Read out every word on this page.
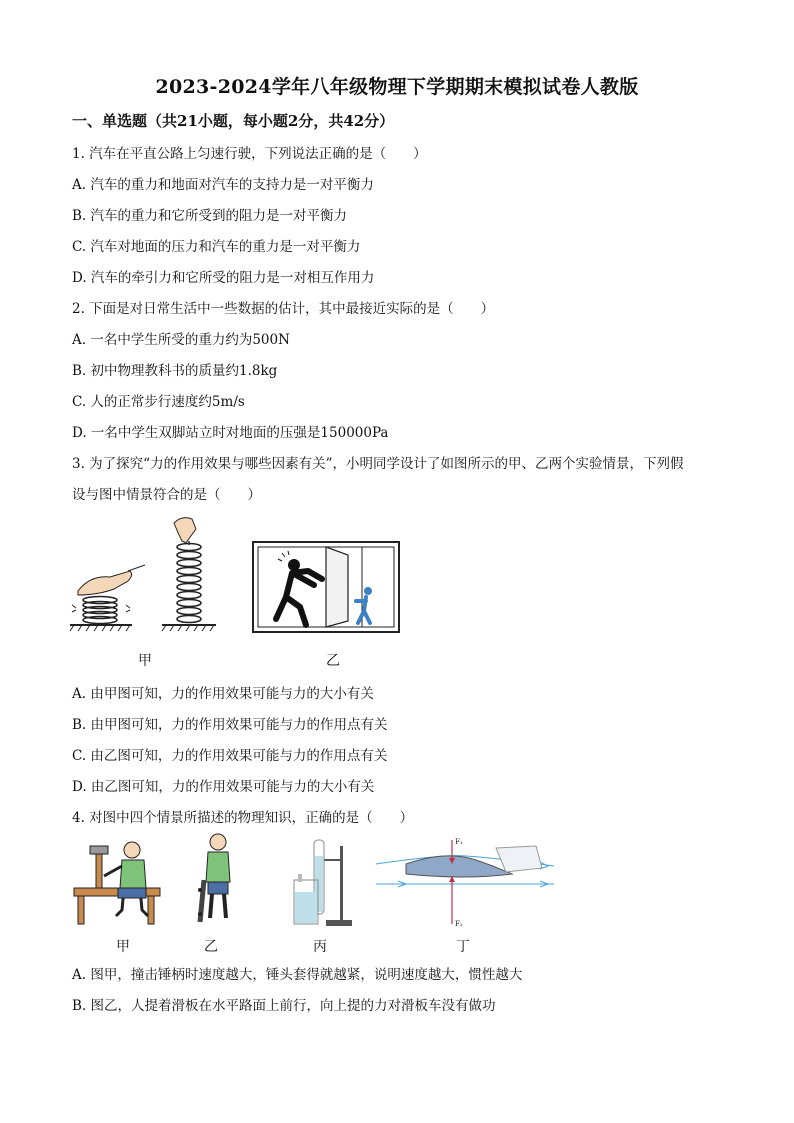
2023-2024学年八年级物理下学期期末模拟试卷人教版
一、单选题（共21小题，每小题2分，共42分）
1. 汽车在平直公路上匀速行驶，下列说法正确的是（　　）
A. 汽车的重力和地面对汽车的支持力是一对平衡力
B. 汽车的重力和它所受到的阻力是一对平衡力
C. 汽车对地面的压力和汽车的重力是一对平衡力
D. 汽车的牵引力和它所受的阻力是一对相互作用力
2. 下面是对日常生活中一些数据的估计，其中最接近实际的是（　　）
A. 一名中学生所受的重力约为500N
B. 初中物理教科书的质量约1.8kg
C. 人的正常步行速度约5m/s
D. 一名中学生双脚站立时对地面的压强是150000Pa
3. 为了探究“力的作用效果与哪些因素有关”，小明同学设计了如图所示的甲、乙两个实验情景，下列假
设与图中情景符合的是（　　）
甲	乙
A. 由甲图可知，力的作用效果可能与力的大小有关
B. 由甲图可知，力的作用效果可能与力的作用点有关
C. 由乙图可知，力的作用效果可能与力的作用点有关
D. 由乙图可知，力的作用效果可能与力的大小有关
4. 对图中四个情景所描述的物理知识，正确的是（　　）
F₁
F₂
甲	乙	丙	丁
A. 图甲，撞击锤柄时速度越大，锤头套得就越紧，说明速度越大，惯性越大
B. 图乙，人提着滑板在水平路面上前行，向上提的力对滑板车没有做功
